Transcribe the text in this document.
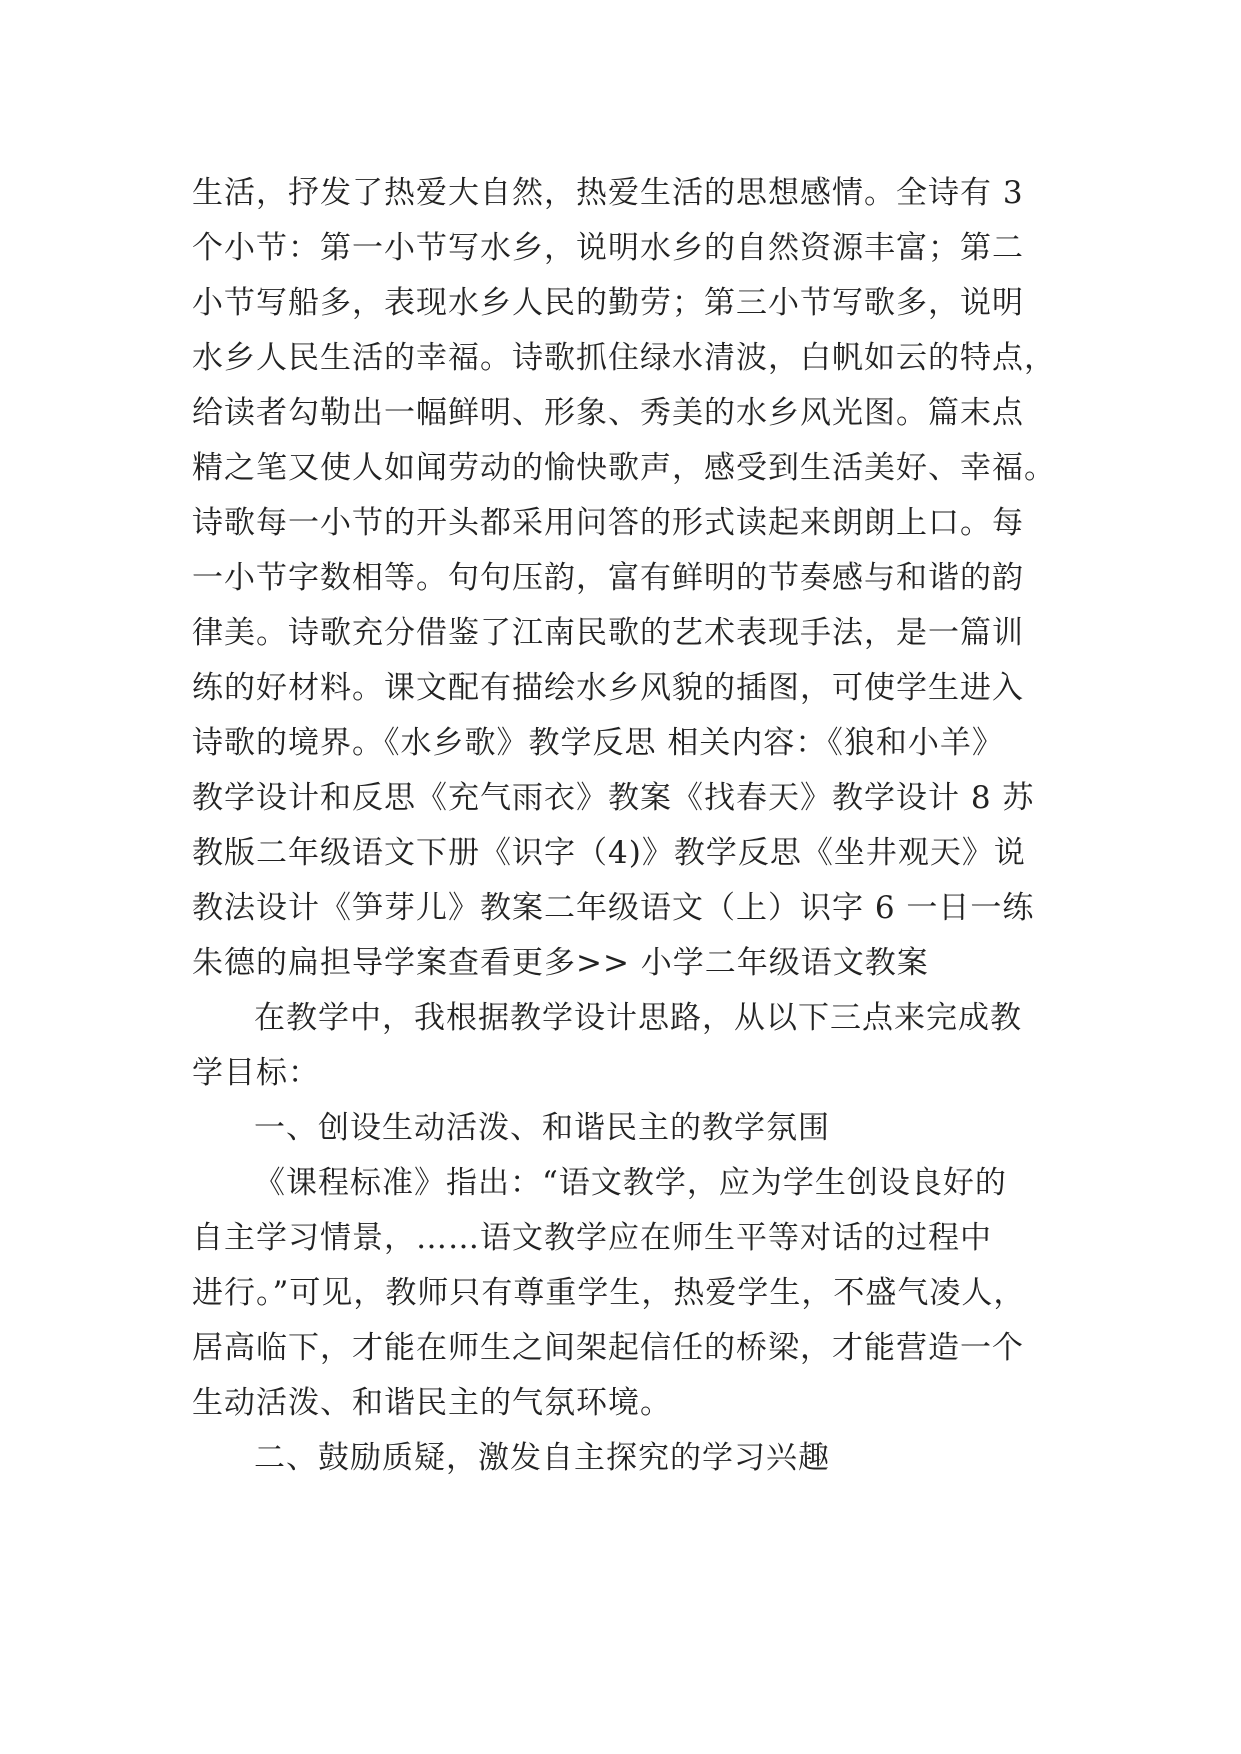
生活，抒发了热爱大自然，热爱生活的思想感情。全诗有 3
个小节：第一小节写水乡，说明水乡的自然资源丰富；第二
小节写船多，表现水乡人民的勤劳；第三小节写歌多，说明
水乡人民生活的幸福。诗歌抓住绿水清波，白帆如云的特点，
给读者勾勒出一幅鲜明、形象、秀美的水乡风光图。篇末点
精之笔又使人如闻劳动的愉快歌声，感受到生活美好、幸福。
诗歌每一小节的开头都采用问答的形式读起来朗朗上口。每
一小节字数相等。句句压韵，富有鲜明的节奏感与和谐的韵
律美。诗歌充分借鉴了江南民歌的艺术表现手法，是一篇训
练的好材料。课文配有描绘水乡风貌的插图，可使学生进入
诗歌的境界。《水乡歌》教学反思 相关内容：《狼和小羊》
教学设计和反思《充气雨衣》教案《找春天》教学设计 8 苏
教版二年级语文下册《识字（4)》教学反思《坐井观天》说
教法设计《笋芽儿》教案二年级语文（上）识字 6 一日一练
朱德的扁担导学案查看更多>> 小学二年级语文教案
在教学中，我根据教学设计思路，从以下三点来完成教
学目标：
一、创设生动活泼、和谐民主的教学氛围
《课程标准》指出：“语文教学，应为学生创设良好的
自主学习情景，……语文教学应在师生平等对话的过程中
进行。”可见，教师只有尊重学生，热爱学生，不盛气凌人，
居高临下，才能在师生之间架起信任的桥梁，才能营造一个
生动活泼、和谐民主的气氛环境。
二、鼓励质疑，激发自主探究的学习兴趣
